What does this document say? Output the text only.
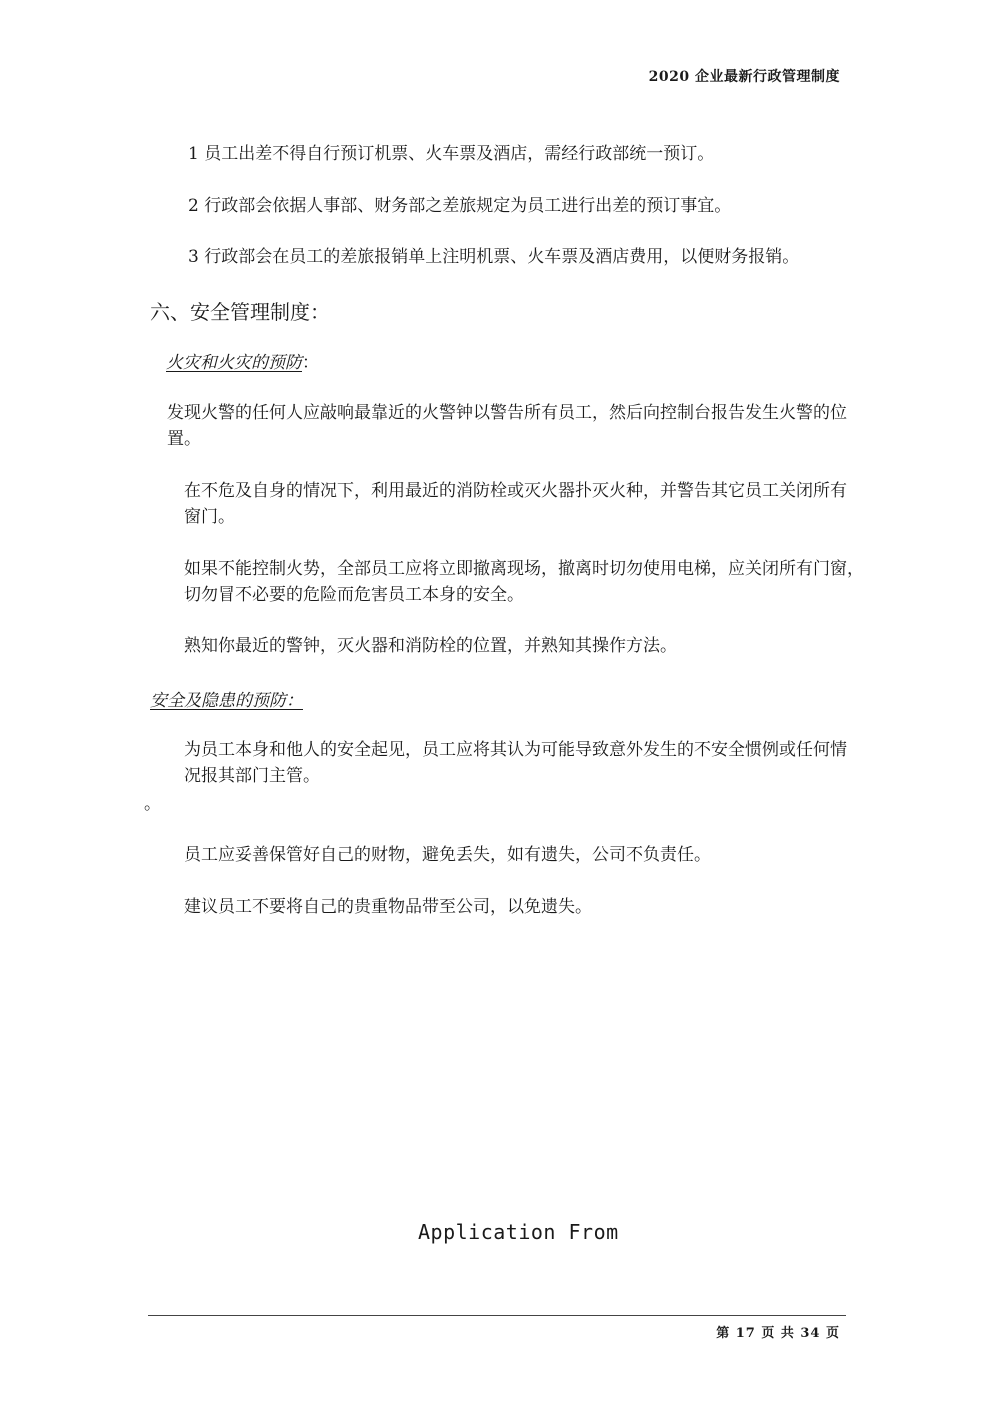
2020 企业最新行政管理制度
1 员工出差不得自行预订机票、火车票及酒店，需经行政部统一预订。
2 行政部会依据人事部、财务部之差旅规定为员工进行出差的预订事宜。
3 行政部会在员工的差旅报销单上注明机票、火车票及酒店费用，以便财务报销。
六、安全管理制度：
火灾和火灾的预防：
发现火警的任何人应敲响最靠近的火警钟以警告所有员工，然后向控制台报告发生火警的位
置。
在不危及自身的情况下，利用最近的消防栓或灭火器扑灭火种，并警告其它员工关闭所有
窗门。
如果不能控制火势，全部员工应将立即撤离现场，撤离时切勿使用电梯，应关闭所有门窗，
切勿冒不必要的危险而危害员工本身的安全。
熟知你最近的警钟，灭火器和消防栓的位置，并熟知其操作方法。
安全及隐患的预防：
为员工本身和他人的安全起见，员工应将其认为可能导致意外发生的不安全惯例或任何情
况报其部门主管。
。
员工应妥善保管好自己的财物，避免丢失，如有遗失，公司不负责任。
建议员工不要将自己的贵重物品带至公司，以免遗失。
Application From
第 17 页 共 34 页
